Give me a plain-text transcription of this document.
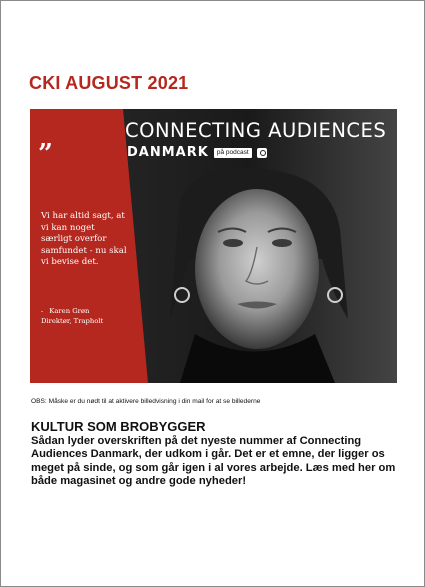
CKI AUGUST 2021
”

Vi har altid sagt, at vi kan noget særligt overfor samfundet - nu skal vi bevise det.

- Karen Grøn
Direktør, Trapholt
CONNECTING AUDIENCES
DANMARK	på podcast

OBS: Måske er du nødt til at aktivere billedvisning i din mail for at se billederne

KULTUR SOM BROBYGGER

Sådan lyder overskriften på det nyeste nummer af Connecting Audiences Danmark, der udkom i går. Det er et emne, der ligger os meget på sinde, og som går igen i al vores arbejde. Læs med her om både magasinet og andre gode nyheder!
